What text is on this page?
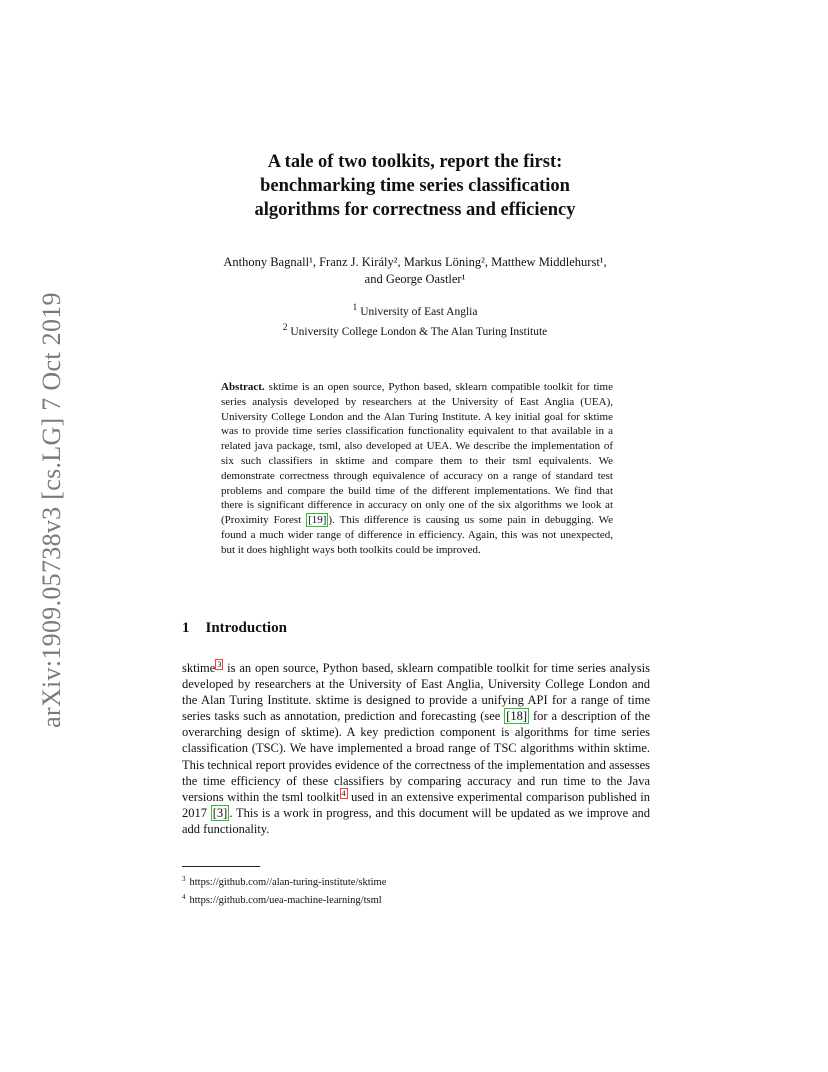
arXiv:1909.05738v3 [cs.LG] 7 Oct 2019
A tale of two toolkits, report the first:
benchmarking time series classification
algorithms for correctness and efficiency
Anthony Bagnall¹, Franz J. Király², Markus Löning², Matthew Middlehurst¹,
and George Oastler¹
$^1$ University of East Anglia
$^2$ University College London & The Alan Turing Institute
Abstract. sktime is an open source, Python based, sklearn compatible toolkit for time series analysis developed by researchers at the University of East Anglia (UEA), University College London and the Alan Turing Institute. A key initial goal for sktime was to provide time series classification functionality equivalent to that available in a related java package, tsml, also developed at UEA. We describe the implementation of six such classifiers in sktime and compare them to their tsml equivalents. We demonstrate correctness through equivalence of accuracy on a range of standard test problems and compare the build time of the different implementations. We find that there is significant difference in accuracy on only one of the six algorithms we look at (Proximity Forest [19] ). This difference is causing us some pain in debugging. We found a much wider range of difference in efficiency. Again, this was not unexpected, but it does highlight ways both toolkits could be improved.
1 Introduction
sktime $^3$ is an open source, Python based, sklearn compatible toolkit for time series analysis developed by researchers at the University of East Anglia, University College London and the Alan Turing Institute. sktime is designed to provide a unifying API for a range of time series tasks such as annotation, prediction and forecasting (see [18] for a description of the overarching design of sktime). A key prediction component is algorithms for time series classification (TSC). We have implemented a broad range of TSC algorithms within sktime. This technical report provides evidence of the correctness of the implementation and assesses the time efficiency of these classifiers by comparing accuracy and run time to the Java versions within the tsml toolkit $^4$ used in an extensive experimental comparison published in 2017 [3] . This is a work in progress, and this document will be updated as we improve and add functionality.
$^3$ https://github.com//alan-turing-institute/sktime
$^4$ https://github.com/uea-machine-learning/tsml
